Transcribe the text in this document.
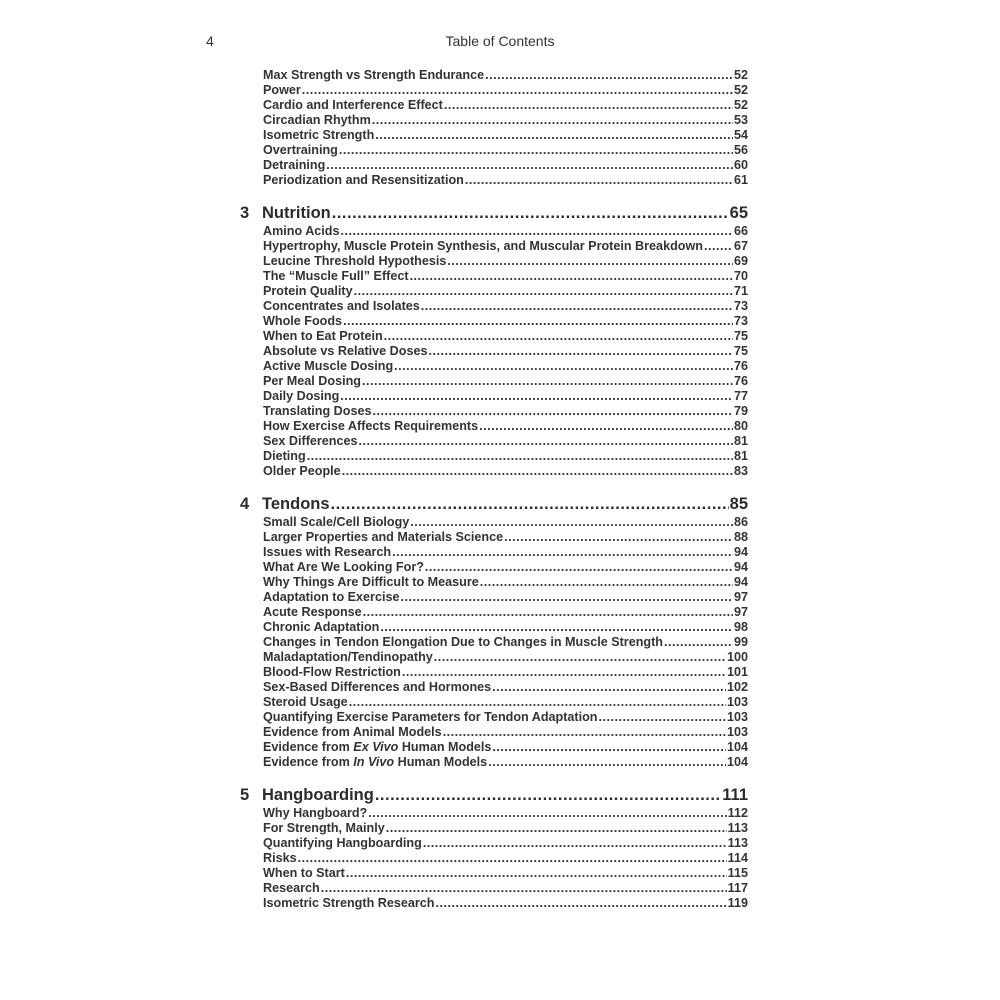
4	Table of Contents
Max Strength vs Strength Endurance .....	52
Power .....	52
Cardio and Interference Effect .....	52
Circadian Rhythm .....	53
Isometric Strength .....	54
Overtraining .....	56
Detraining .....	60
Periodization and Resensitization .....	61
3 Nutrition .....	65
Amino Acids .....	66
Hypertrophy, Muscle Protein Synthesis, and Muscular Protein Breakdown ..... 67
Leucine Threshold Hypothesis .....	69
The “Muscle Full” Effect .....	70
Protein Quality .....	71
Concentrates and Isolates .....	73
Whole Foods .....	73
When to Eat Protein .....	75
Absolute vs Relative Doses .....	75
Active Muscle Dosing .....	76
Per Meal Dosing .....	76
Daily Dosing .....	77
Translating Doses .....	79
How Exercise Affects Requirements .....	80
Sex Differences .....	81
Dieting .....	81
Older People .....	83
4 Tendons .....	85
Small Scale/Cell Biology .....	86
Larger Properties and Materials Science .....	88
Issues with Research .....	94
What Are We Looking For? .....	94
Why Things Are Difficult to Measure .....	94
Adaptation to Exercise .....	97
Acute Response .....	97
Chronic Adaptation .....	98
Changes in Tendon Elongation Due to Changes in Muscle Strength .....	99
Maladaptation/Tendinopathy .....	100
Blood-Flow Restriction .....	101
Sex-Based Differences and Hormones .....	102
Steroid Usage .....	103
Quantifying Exercise Parameters for Tendon Adaptation .....	103
Evidence from Animal Models .....	103
Evidence from Ex Vivo Human Models .....	104
Evidence from In Vivo Human Models .....	104
5 Hangboarding .....	111
Why Hangboard? .....	112
For Strength, Mainly .....	113
Quantifying Hangboarding .....	113
Risks .....	114
When to Start .....	115
Research .....	117
Isometric Strength Research .....	119
